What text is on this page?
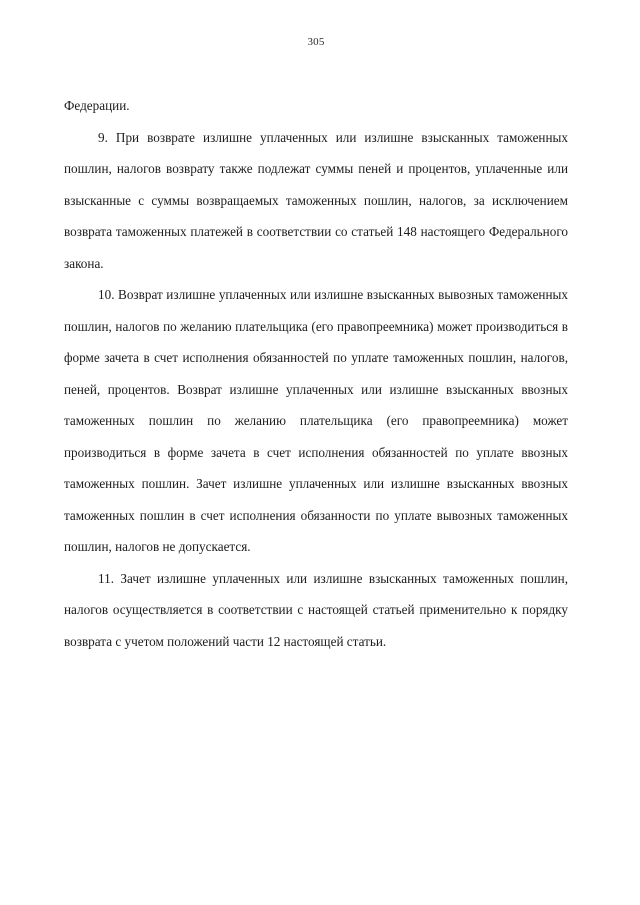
305

Федерации.

9. При возврате излишне уплаченных или излишне взысканных таможенных пошлин, налогов возврату также подлежат суммы пеней и процентов, уплаченные или взысканные с суммы возвращаемых таможенных пошлин, налогов, за исключением возврата таможенных платежей в соответствии со статьей 148 настоящего Федерального закона.

10. Возврат излишне уплаченных или излишне взысканных вывозных таможенных пошлин, налогов по желанию плательщика (его правопреемника) может производиться в форме зачета в счет исполнения обязанностей по уплате таможенных пошлин, налогов, пеней, процентов. Возврат излишне уплаченных или излишне взысканных ввозных таможенных пошлин по желанию плательщика (его правопреемника) может производиться в форме зачета в счет исполнения обязанностей по уплате ввозных таможенных пошлин. Зачет излишне уплаченных или излишне взысканных ввозных таможенных пошлин в счет исполнения обязанности по уплате вывозных таможенных пошлин, налогов не допускается.

11. Зачет излишне уплаченных или излишне взысканных таможенных пошлин, налогов осуществляется в соответствии с настоящей статьей применительно к порядку возврата с учетом положений части 12 настоящей статьи.
